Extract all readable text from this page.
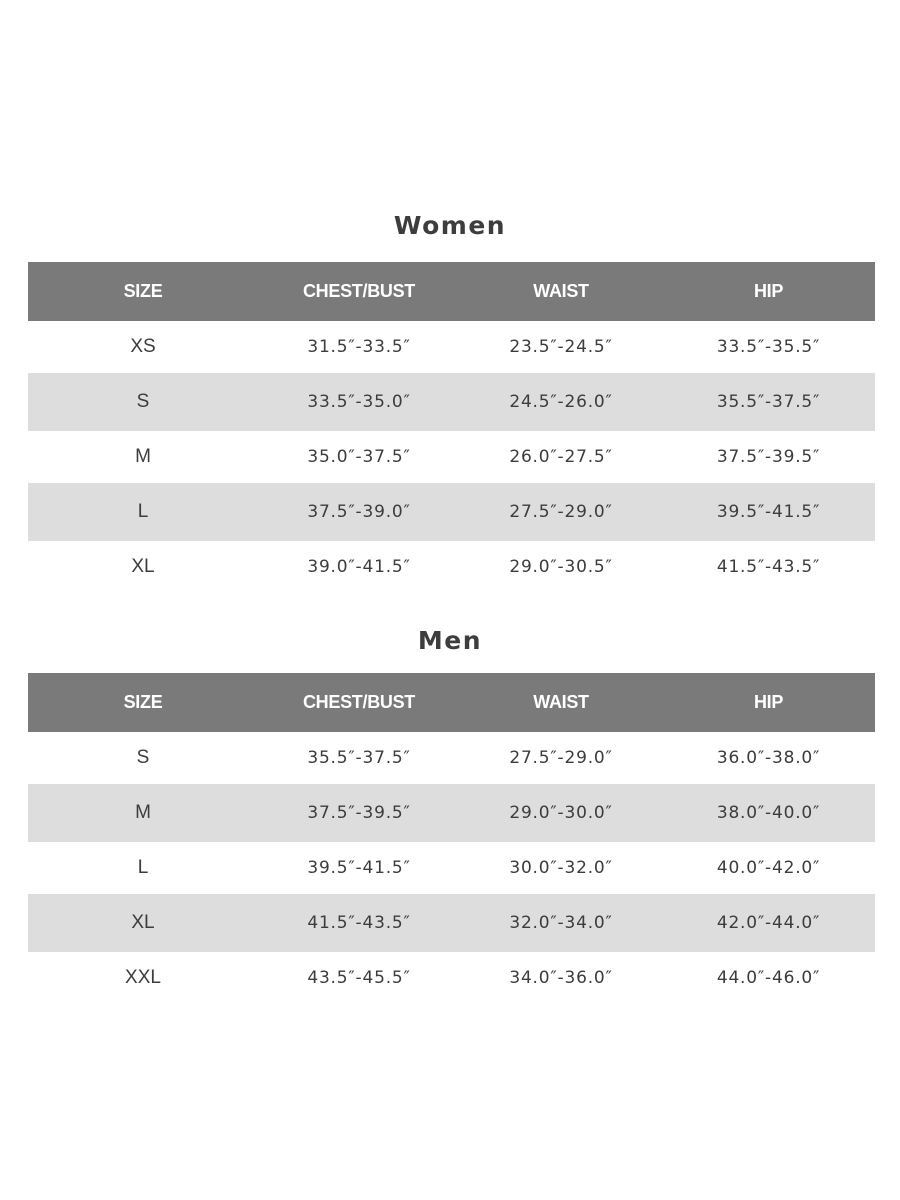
Women
SIZE	CHEST/BUST	WAIST	HIP
XS	31.5″-33.5″	23.5″-24.5″	33.5″-35.5″
S	33.5″-35.0″	24.5″-26.0″	35.5″-37.5″
M	35.0″-37.5″	26.0″-27.5″	37.5″-39.5″
L	37.5″-39.0″	27.5″-29.0″	39.5″-41.5″
XL	39.0″-41.5″	29.0″-30.5″	41.5″-43.5″
Men
SIZE	CHEST/BUST	WAIST	HIP
S	35.5″-37.5″	27.5″-29.0″	36.0″-38.0″
M	37.5″-39.5″	29.0″-30.0″	38.0″-40.0″
L	39.5″-41.5″	30.0″-32.0″	40.0″-42.0″
XL	41.5″-43.5″	32.0″-34.0″	42.0″-44.0″
XXL	43.5″-45.5″	34.0″-36.0″	44.0″-46.0″
